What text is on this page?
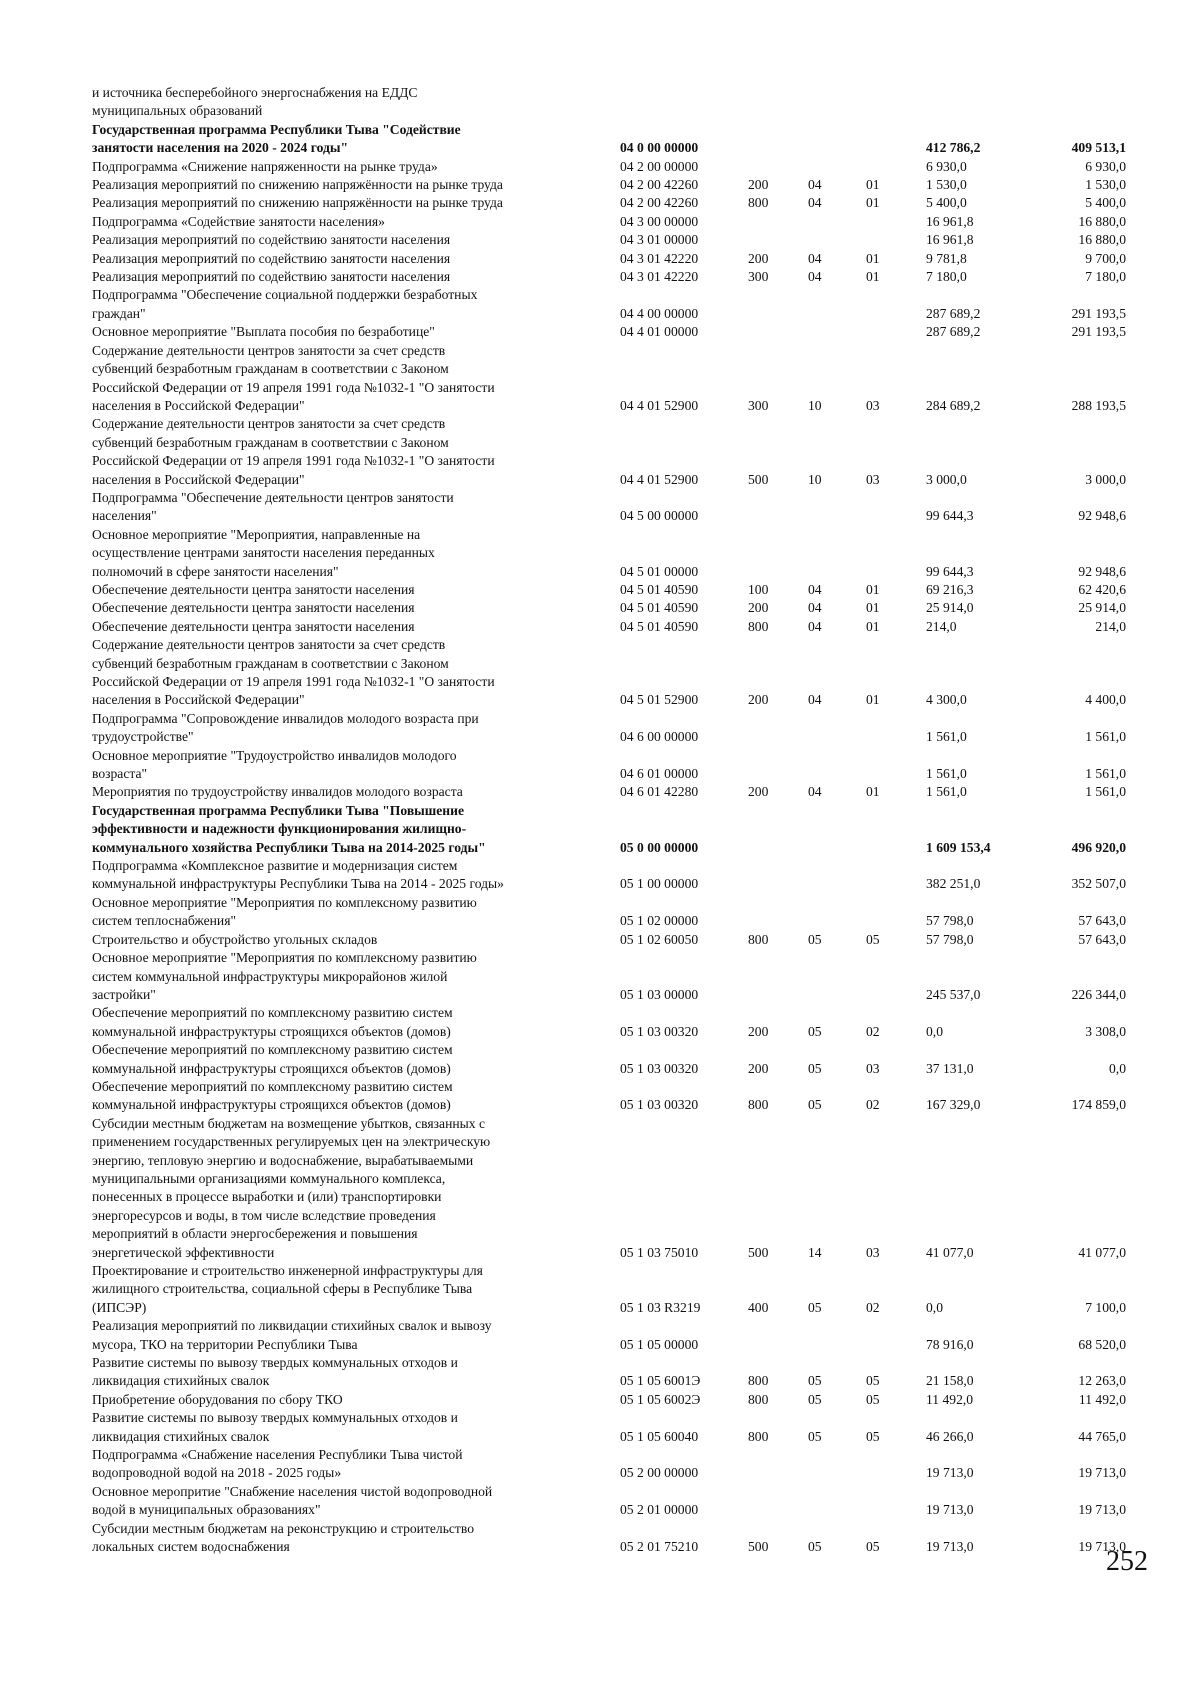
и источника бесперебойного энергоснабжения на ЕДДС
муниципальных образований
Государственная программа Республики Тыва "Содействие
занятости населения на 2020 - 2024 годы"	04 0 00 00000	412 786,2	409 513,1
Подпрограмма «Снижение напряженности на рынке труда»	04 2 00 00000	6 930,0	6 930,0
Реализация мероприятий по снижению напряжённости на рынке труда	04 2 00 42260	200	04	01	1 530,0	1 530,0
Реализация мероприятий по снижению напряжённости на рынке труда	04 2 00 42260	800	04	01	5 400,0	5 400,0
Подпрограмма «Содействие занятости населения»	04 3 00 00000	16 961,8	16 880,0
Реализация мероприятий по содействию занятости населения	04 3 01 00000	16 961,8	16 880,0
Реализация мероприятий по содействию занятости населения	04 3 01 42220	200	04	01	9 781,8	9 700,0
Реализация мероприятий по содействию занятости населения	04 3 01 42220	300	04	01	7 180,0	7 180,0
Подпрограмма "Обеспечение социальной поддержки безработных
граждан"	04 4 00 00000	287 689,2	291 193,5
Основное мероприятие "Выплата пособия по безработице"	04 4 01 00000	287 689,2	291 193,5
Содержание деятельности центров занятости за счет средств
субвенций безработным гражданам в соответствии с Законом
Российской Федерации от 19 апреля 1991 года №1032-1 "О занятости
населения в Российской Федерации"	04 4 01 52900	300	10	03	284 689,2	288 193,5
Содержание деятельности центров занятости за счет средств
субвенций безработным гражданам в соответствии с Законом
Российской Федерации от 19 апреля 1991 года №1032-1 "О занятости
населения в Российской Федерации"	04 4 01 52900	500	10	03	3 000,0	3 000,0
Подпрограмма "Обеспечение деятельности центров занятости
населения"	04 5 00 00000	99 644,3	92 948,6
Основное мероприятие "Мероприятия, направленные на
осуществление центрами занятости населения переданных
полномочий в сфере занятости населения"	04 5 01 00000	99 644,3	92 948,6
Обеспечение деятельности центра занятости населения	04 5 01 40590	100	04	01	69 216,3	62 420,6
Обеспечение деятельности центра занятости населения	04 5 01 40590	200	04	01	25 914,0	25 914,0
Обеспечение деятельности центра занятости населения	04 5 01 40590	800	04	01	214,0	214,0
Содержание деятельности центров занятости за счет средств
субвенций безработным гражданам в соответствии с Законом
Российской Федерации от 19 апреля 1991 года №1032-1 "О занятости
населения в Российской Федерации"	04 5 01 52900	200	04	01	4 300,0	4 400,0
Подпрограмма "Сопровождение инвалидов молодого возраста при
трудоустройстве"	04 6 00 00000	1 561,0	1 561,0
Основное мероприятие "Трудоустройство инвалидов молодого
возраста"	04 6 01 00000	1 561,0	1 561,0
Мероприятия по трудоустройству инвалидов молодого возраста	04 6 01 42280	200	04	01	1 561,0	1 561,0
Государственная программа Республики Тыва "Повышение
эффективности и надежности функционирования жилищно-
коммунального хозяйства Республики Тыва на 2014-2025 годы"	05 0 00 00000	1 609 153,4	496 920,0
Подпрограмма «Комплексное развитие и модернизация систем
коммунальной инфраструктуры Республики Тыва на 2014 - 2025 годы»	05 1 00 00000	382 251,0	352 507,0
Основное мероприятие "Мероприятия по комплексному развитию
систем теплоснабжения"	05 1 02 00000	57 798,0	57 643,0
Строительство и обустройство угольных складов	05 1 02 60050	800	05	05	57 798,0	57 643,0
Основное мероприятие "Мероприятия по комплексному развитию
систем коммунальной инфраструктуры микрорайонов жилой
застройки"	05 1 03 00000	245 537,0	226 344,0
Обеспечение мероприятий по комплексному развитию систем
коммунальной инфраструктуры строящихся объектов (домов)	05 1 03 00320	200	05	02	0,0	3 308,0
Обеспечение мероприятий по комплексному развитию систем
коммунальной инфраструктуры строящихся объектов (домов)	05 1 03 00320	200	05	03	37 131,0	0,0
Обеспечение мероприятий по комплексному развитию систем
коммунальной инфраструктуры строящихся объектов (домов)	05 1 03 00320	800	05	02	167 329,0	174 859,0
Субсидии местным бюджетам на возмещение убытков, связанных с
применением государственных регулируемых цен на электрическую
энергию, тепловую энергию и водоснабжение, вырабатываемыми
муниципальными организациями коммунального комплекса,
понесенных в процессе выработки и (или) транспортировки
энергоресурсов и воды, в том числе вследствие проведения
мероприятий в области энергосбережения и повышения
энергетической эффективности	05 1 03 75010	500	14	03	41 077,0	41 077,0
Проектирование и строительство инженерной инфраструктуры для
жилищного строительства, социальной сферы в Республике Тыва
(ИПСЭР)	05 1 03 R3219	400	05	02	0,0	7 100,0
Реализация мероприятий по ликвидации стихийных свалок и вывозу
мусора, ТКО на территории Республики Тыва	05 1 05 00000	78 916,0	68 520,0
Развитие системы по вывозу твердых коммунальных отходов и
ликвидация стихийных свалок	05 1 05 6001Э	800	05	05	21 158,0	12 263,0
Приобретение оборудования по сбору ТКО	05 1 05 6002Э	800	05	05	11 492,0	11 492,0
Развитие системы по вывозу твердых коммунальных отходов и
ликвидация стихийных свалок	05 1 05 60040	800	05	05	46 266,0	44 765,0
Подпрограмма «Снабжение населения Республики Тыва чистой
водопроводной водой на 2018 - 2025 годы»	05 2 00 00000	19 713,0	19 713,0
Основное меропритие "Снабжение населения чистой водопроводной
водой в муниципальных образованиях"	05 2 01 00000	19 713,0	19 713,0
Субсидии местным бюджетам на реконструкцию и строительство
локальных систем водоснабжения	05 2 01 75210	500	05	05	19 713,0	19 713,0
252
